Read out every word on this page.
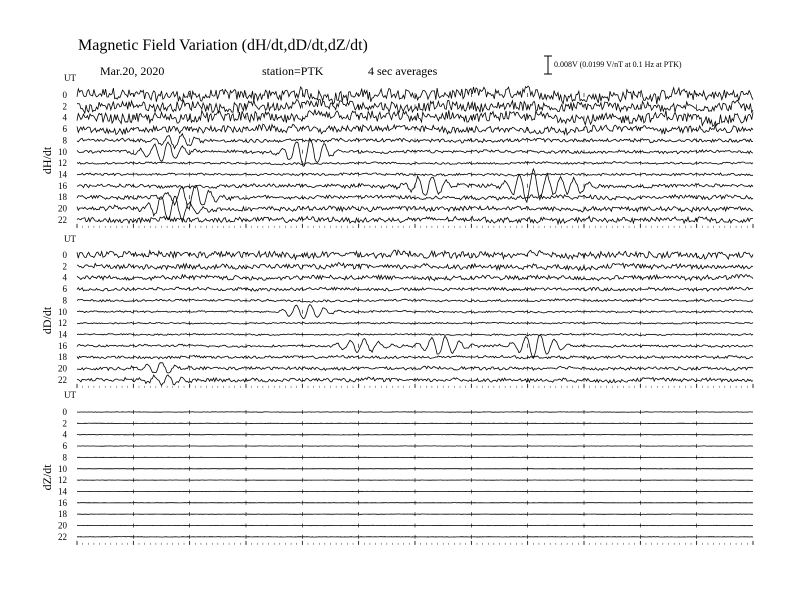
Magnetic Field Variation (dH/dt,dD/dt,dZ/dt)
Mar.20, 2020	station=PTK	4 sec averages
UT
dH/dt
0
2
4
6
8
10
12
14
16
18
20
22
UT
dD/dt
0
2
4
6
8
10
12
14
16
18
20
22
UT
dZ/dt
0
2
4
6
8
10
12
14
16
18
20
22
0.008V (0.0199 V/nT at 0.1 Hz at PTK)
